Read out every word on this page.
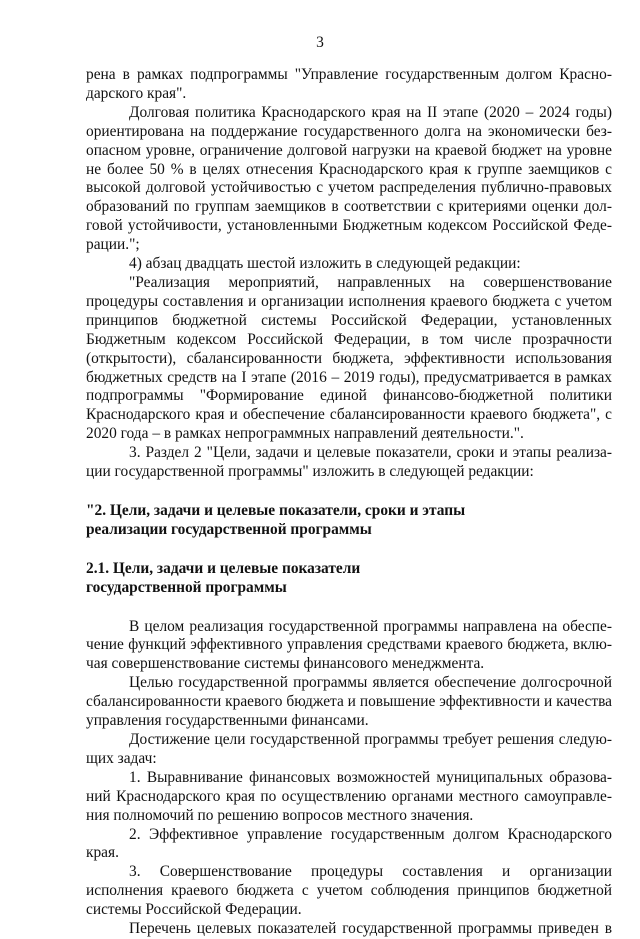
3

рена в рамках подпрограммы "Управление государственным долгом Краснодарского края".

Долговая политика Краснодарского края на II этапе (2020 – 2024 годы) ориентирована на поддержание государственного долга на экономически безопасном уровне, ограничение долговой нагрузки на краевой бюджет на уровне не более 50 % в целях отнесения Краснодарского края к группе заемщиков с высокой долговой устойчивостью с учетом распределения публично-правовых образований по группам заемщиков в соответствии с критериями оценки долговой устойчивости, установленными Бюджетным кодексом Российской Федерации.";

4) абзац двадцать шестой изложить в следующей редакции:

"Реализация мероприятий, направленных на совершенствование процедуры составления и организации исполнения краевого бюджета с учетом принципов бюджетной системы Российской Федерации, установленных Бюджетным кодексом Российской Федерации, в том числе прозрачности (открытости), сбалансированности бюджета, эффективности использования бюджетных средств на I этапе (2016 – 2019 годы), предусматривается в рамках подпрограммы "Формирование единой финансово-бюджетной политики Краснодарского края и обеспечение сбалансированности краевого бюджета", с 2020 года – в рамках непрограммных направлений деятельности.".

3. Раздел 2 "Цели, задачи и целевые показатели, сроки и этапы реализации государственной программы" изложить в следующей редакции:

"2. Цели, задачи и целевые показатели, сроки и этапы
реализации государственной программы

2.1. Цели, задачи и целевые показатели
государственной программы

В целом реализация государственной программы направлена на обеспечение функций эффективного управления средствами краевого бюджета, включая совершенствование системы финансового менеджмента.

Целью государственной программы является обеспечение долгосрочной сбалансированности краевого бюджета и повышение эффективности и качества управления государственными финансами.

Достижение цели государственной программы требует решения следующих задач:

1. Выравнивание финансовых возможностей муниципальных образований Краснодарского края по осуществлению органами местного самоуправления полномочий по решению вопросов местного значения.

2. Эффективное управление государственным долгом Краснодарского края.

3. Совершенствование процедуры составления и организации исполнения краевого бюджета с учетом соблюдения принципов бюджетной системы Российской Федерации.

Перечень целевых показателей государственной программы приведен в
